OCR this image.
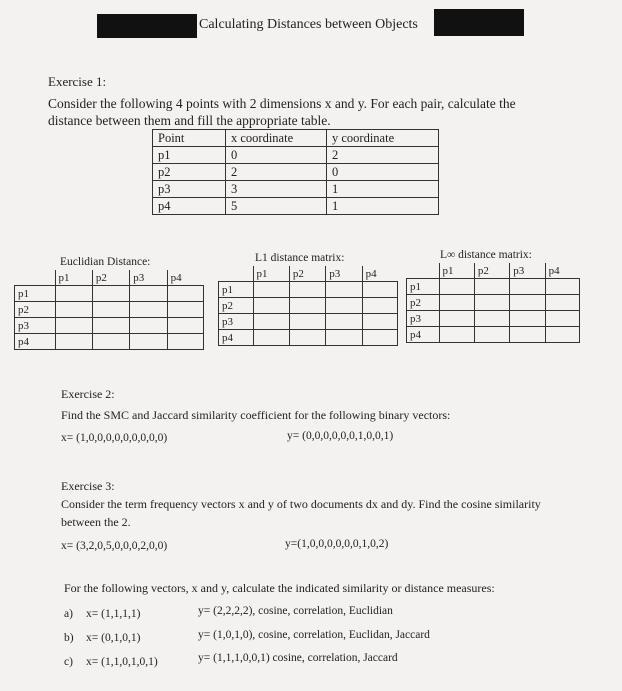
Calculating Distances between Objects
Exercise 1:
Consider the following 4 points with 2 dimensions x and y. For each pair, calculate the
distance between them and fill the appropriate table.
Point	x coordinate	y coordinate
p1	0	2
p2	2	0
p3	3	1
p4	5	1
Euclidian Distance:	L1 distance matrix:	L∞ distance matrix:
	p1	p2	p3	p4
p1				
p2				
p3				
p4				
	p1	p2	p3	p4
p1				
p2				
p3				
p4				
	p1	p2	p3	p4
p1				
p2				
p3				
p4				
Exercise 2:
Find the SMC and Jaccard similarity coefficient for the following binary vectors:
x= (1,0,0,0,0,0,0,0,0,0)	y= (0,0,0,0,0,0,1,0,0,1)
Exercise 3:
Consider the term frequency vectors x and y of two documents dx and dy. Find the cosine similarity
between the 2.
x= (3,2,0,5,0,0,0,2,0,0)	y=(1,0,0,0,0,0,0,1,0,2)
For the following vectors, x and y, calculate the indicated similarity or distance measures:
a) x= (1,1,1,1)	y= (2,2,2,2), cosine, correlation, Euclidian
b) x= (0,1,0,1)	y= (1,0,1,0), cosine, correlation, Euclidan, Jaccard
c) x= (1,1,0,1,0,1)	y= (1,1,1,0,0,1) cosine, correlation, Jaccard
